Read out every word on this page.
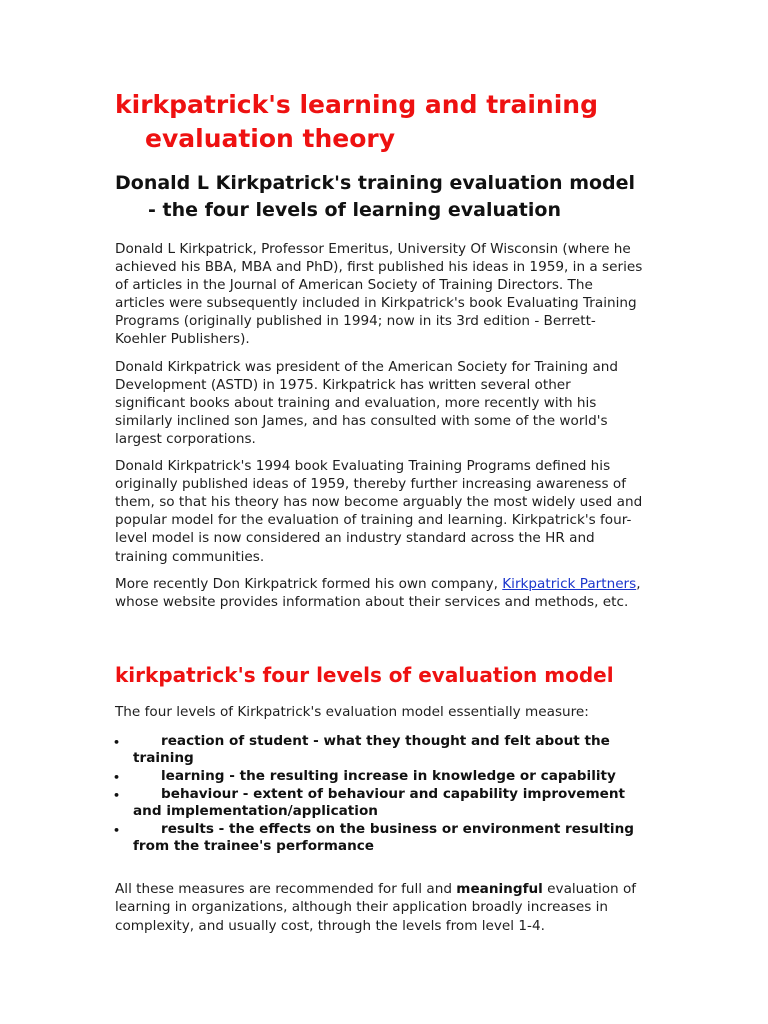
kirkpatrick's learning and training evaluation theory
Donald L Kirkpatrick's training evaluation model - the four levels of learning evaluation

Donald L Kirkpatrick, Professor Emeritus, University Of Wisconsin (where he achieved his BBA, MBA and PhD), first published his ideas in 1959, in a series of articles in the Journal of American Society of Training Directors. The articles were subsequently included in Kirkpatrick's book Evaluating Training Programs (originally published in 1994; now in its 3rd edition - Berrett-Koehler Publishers).

Donald Kirkpatrick was president of the American Society for Training and Development (ASTD) in 1975. Kirkpatrick has written several other significant books about training and evaluation, more recently with his similarly inclined son James, and has consulted with some of the world's largest corporations.

Donald Kirkpatrick's 1994 book Evaluating Training Programs defined his originally published ideas of 1959, thereby further increasing awareness of them, so that his theory has now become arguably the most widely used and popular model for the evaluation of training and learning. Kirkpatrick's four-level model is now considered an industry standard across the HR and training communities.

More recently Don Kirkpatrick formed his own company, Kirkpatrick Partners, whose website provides information about their services and methods, etc.

kirkpatrick's four levels of evaluation model

The four levels of Kirkpatrick's evaluation model essentially measure:

•	reaction of student - what they thought and felt about the training
•	learning - the resulting increase in knowledge or capability
•	behaviour - extent of behaviour and capability improvement and implementation/application
•	results - the effects on the business or environment resulting from the trainee's performance

All these measures are recommended for full and meaningful evaluation of learning in organizations, although their application broadly increases in complexity, and usually cost, through the levels from level 1-4.
